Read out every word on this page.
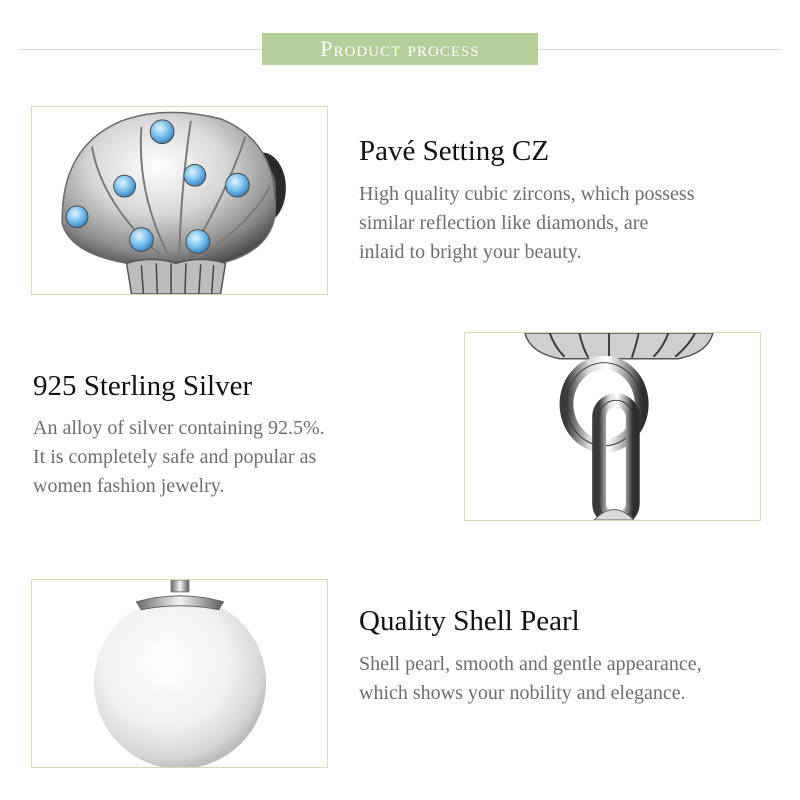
Product process
Pavé Setting CZ
High quality cubic zircons, which possess
similar reflection like diamonds, are
inlaid to bright your beauty.
925 Sterling Silver
An alloy of silver containing 92.5%.
It is completely safe and popular as
women fashion jewelry.
Quality Shell Pearl
Shell pearl, smooth and gentle appearance,
which shows your nobility and elegance.
